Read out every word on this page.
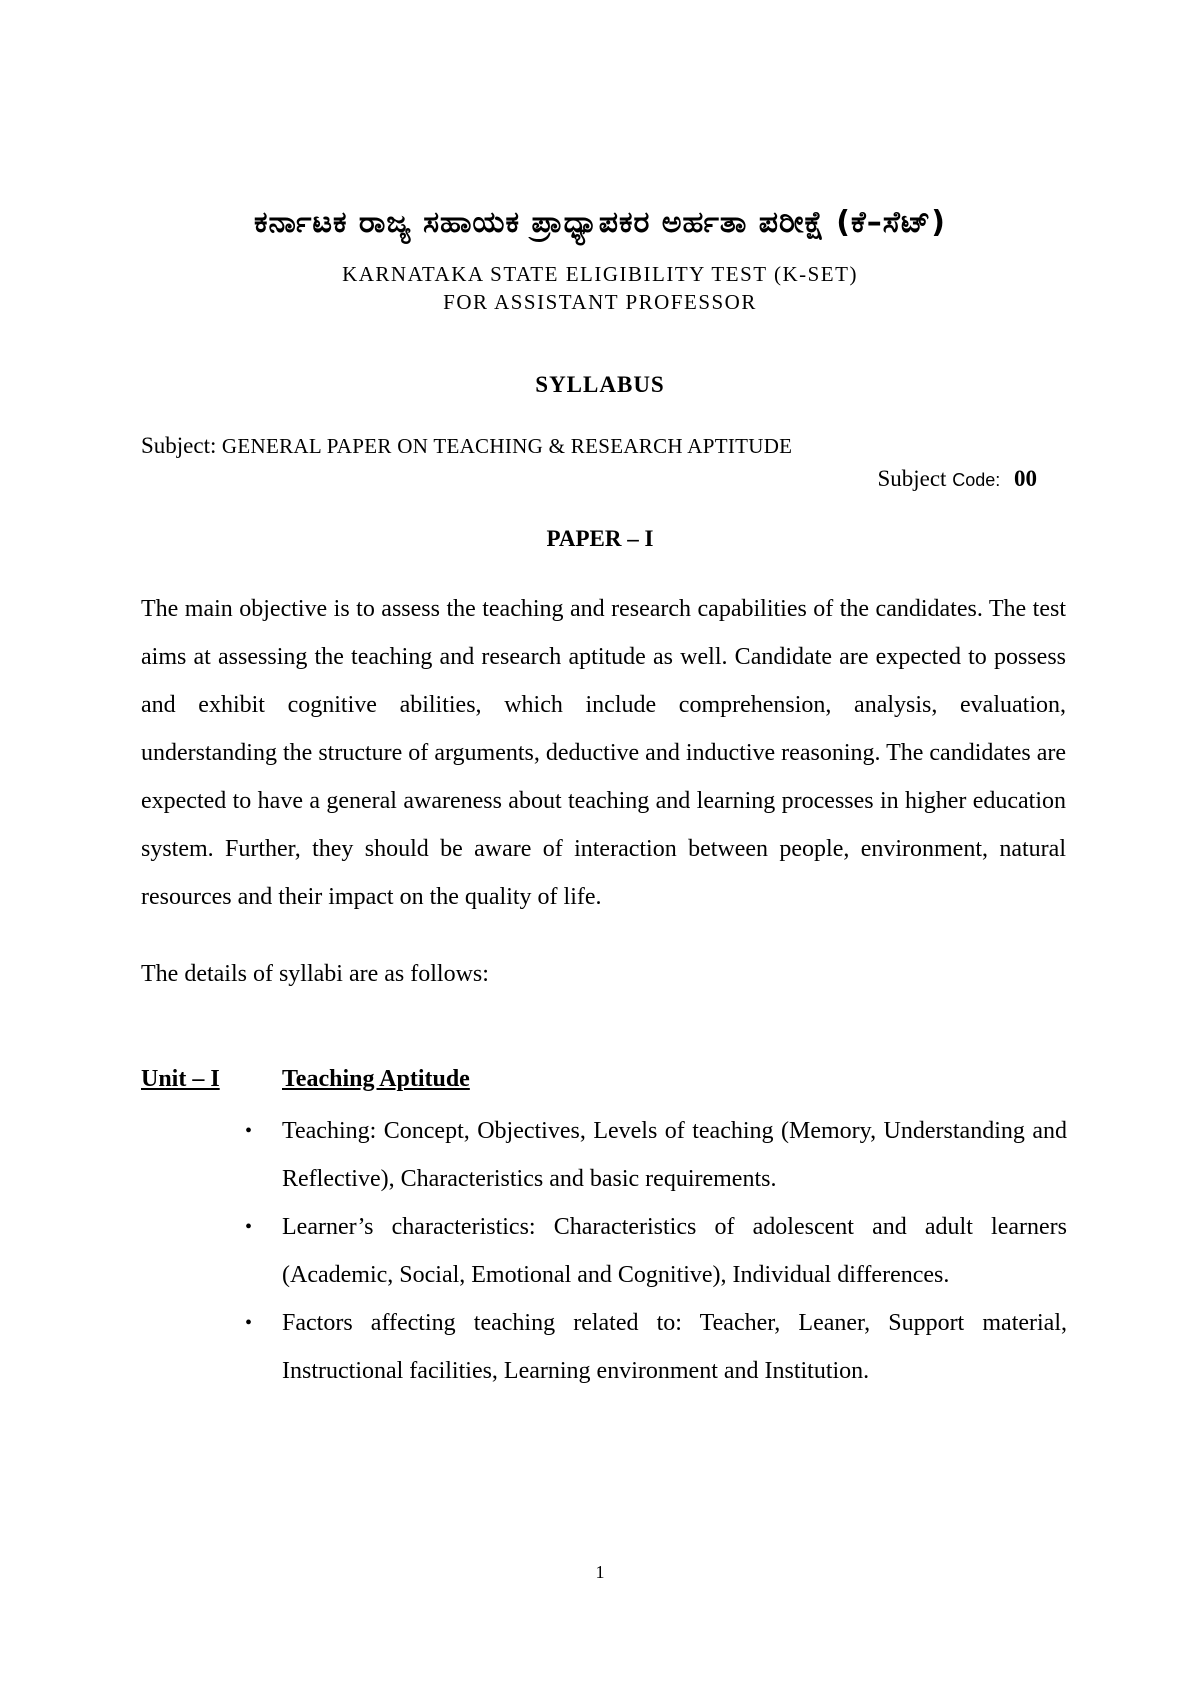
ಕರ್ನಾಟಕ ರಾಜ್ಯ ಸಹಾಯಕ ಪ್ರಾಧ್ಯಾಪಕರ ಅರ್ಹತಾ ಪರೀಕ್ಷೆ (ಕೆ–ಸೆಟ್)
KARNATAKA STATE ELIGIBILITY TEST (K-SET)
FOR ASSISTANT PROFESSOR
SYLLABUS
Subject: GENERAL PAPER ON TEACHING & RESEARCH APTITUDE
Subject Code: 00
PAPER – I

The main objective is to assess the teaching and research capabilities of the candidates. The test aims at assessing the teaching and research aptitude as well. Candidate are expected to possess and exhibit cognitive abilities, which include comprehension, analysis, evaluation, understanding the structure of arguments, deductive and inductive reasoning. The candidates are expected to have a general awareness about teaching and learning processes in higher education system. Further, they should be aware of interaction between people, environment, natural resources and their impact on the quality of life.

The details of syllabi are as follows:
Unit – I	Teaching Aptitude
• Teaching: Concept, Objectives, Levels of teaching (Memory, Understanding and Reflective), Characteristics and basic requirements.
• Learner’s characteristics: Characteristics of adolescent and adult learners (Academic, Social, Emotional and Cognitive), Individual differences.
• Factors affecting teaching related to: Teacher, Leaner, Support material, Instructional facilities, Learning environment and Institution.
1
